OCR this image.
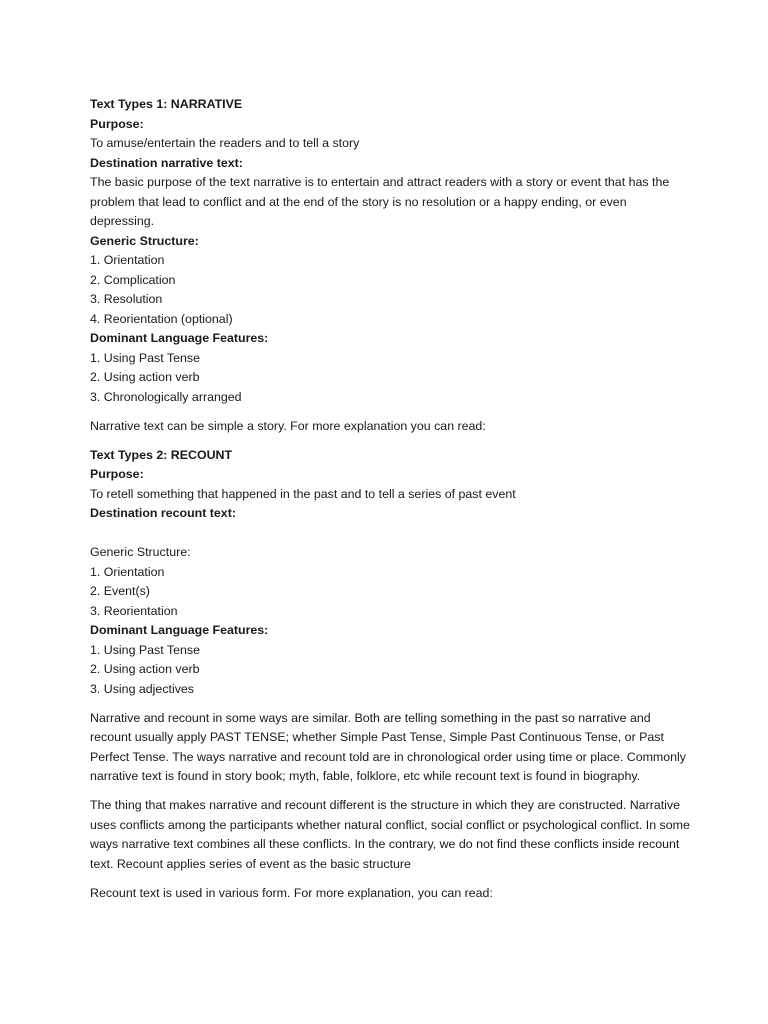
Text Types 1: NARRATIVE
Purpose:
To amuse/entertain the readers and to tell a story
Destination narrative text:
The basic purpose of the text narrative is to entertain and attract readers with a story or event that has the problem that lead to conflict and at the end of the story is no resolution or a happy ending, or even depressing.
Generic Structure:
1. Orientation
2. Complication
3. Resolution
4. Reorientation (optional)
Dominant Language Features:
1. Using Past Tense
2. Using action verb
3. Chronologically arranged
Narrative text can be simple a story. For more explanation you can read:
Text Types 2: RECOUNT
Purpose:
To retell something that happened in the past and to tell a series of past event
Destination recount text:
Generic Structure:
1. Orientation
2. Event(s)
3. Reorientation
Dominant Language Features:
1. Using Past Tense
2. Using action verb
3. Using adjectives
Narrative and recount in some ways are similar. Both are telling something in the past so narrative and recount usually apply PAST TENSE; whether Simple Past Tense, Simple Past Continuous Tense, or Past Perfect Tense. The ways narrative and recount told are in chronological order using time or place. Commonly narrative text is found in story book; myth, fable, folklore, etc while recount text is found in biography.
The thing that makes narrative and recount different is the structure in which they are constructed. Narrative uses conflicts among the participants whether natural conflict, social conflict or psychological conflict. In some ways narrative text combines all these conflicts. In the contrary, we do not find these conflicts inside recount text. Recount applies series of event as the basic structure
Recount text is used in various form. For more explanation, you can read:
